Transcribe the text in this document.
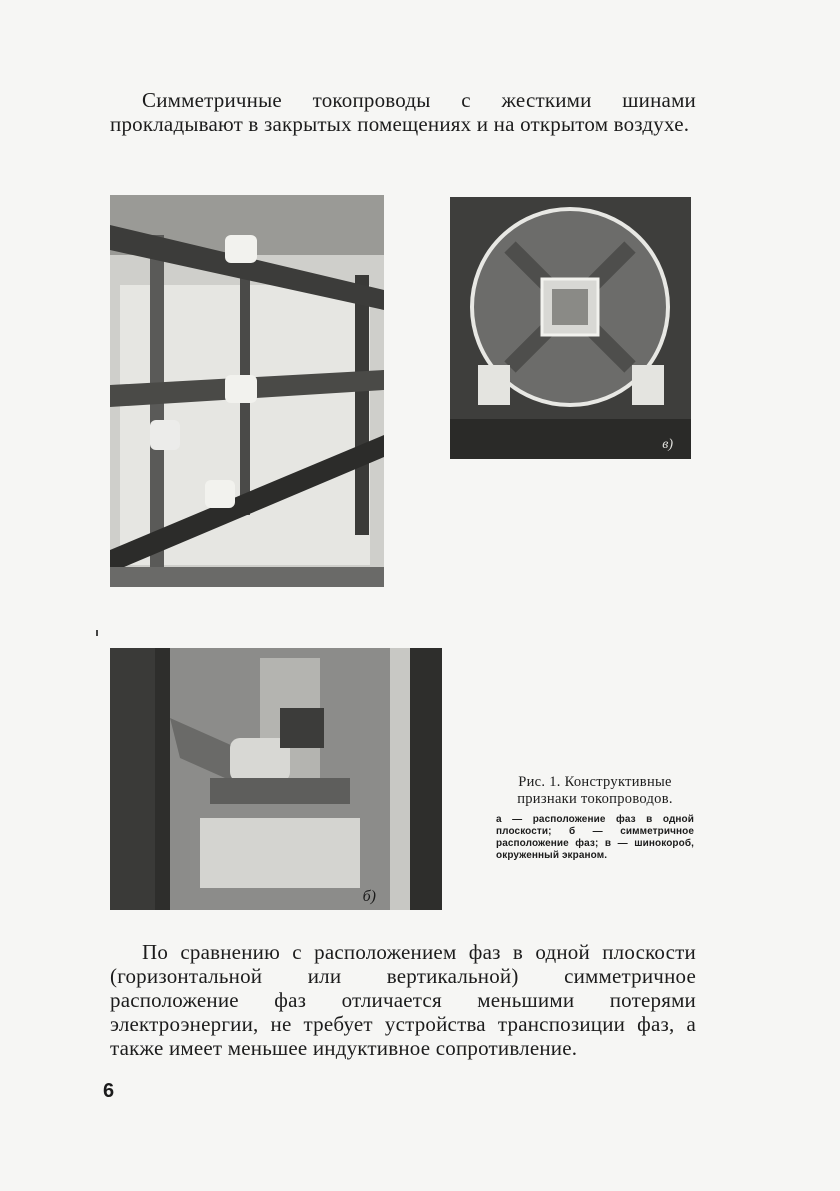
Симметричные токопроводы с жесткими шинами прокладывают в закрытых помещениях и на открытом воздухе.

в)
б)

Рис. 1. Конструктивные признаки токопроводов.

а — расположение фаз в одной плоскости; б — симметричное расположение фаз; в — шинокороб, окруженный экраном.

По сравнению с расположением фаз в одной плоскости (горизонтальной или вертикальной) симметричное расположение фаз отличается меньшими потерями электроэнергии, не требует устройства транспозиции фаз, а также имеет меньшее индуктивное сопротивление.

6
